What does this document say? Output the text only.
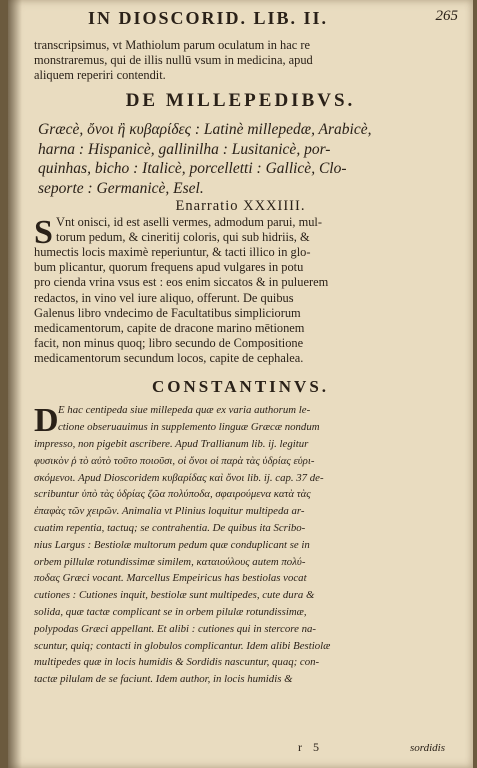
IN DIOSCORID. LIB. II.	265
transcripsimus, vt Mathiolum parum oculatum in hac re
monstraremus, qui de illis nullū vsum in medicina, apud
aliquem reperiri contendit.
DE MILLEPEDIBVS.
Græcè, ὄνοι ἢ κυβαρίδες : Latinè millepedæ, Arabicè,
harna : Hispanicè, gallinilha : Lusitanicè, por-
quinhas, bicho : Italicè, porcelletti : Gallicè, Clo-
seporte : Germanicè, Esel.
Enarratio XXXIIII.
S Vnt onisci, id est aselli vermes, admodum parui, mul-
torum pedum, & cineritij coloris, qui sub hidriis, &
humectis locis maximè reperiuntur, & tacti illico in glo-
bum plicantur, quorum frequens apud vulgares in potu
pro cienda vrina vsus est : eos enim siccatos & in puluerem
redactos, in vino vel iure aliquo, offerunt. De quibus
Galenus libro vndecimo de Facultatibus simpliciorum
medicamentorum, capite de dracone marino mētionem
facit, non minus quoq; libro secundo de Compositione
medicamentorum secundum locos, capite de cephalea.
CONSTANTINVS.
D E hac centipeda siue millepeda quæ ex varia authorum le-
ctione obseruauimus in supplemento linguæ Græcæ nondum
impresso, non pigebit ascribere. Apud Trallianum lib. ij. legitur
φυσικὸν ῥ τὸ αὐτὸ τοῦτο ποιοῦσι, οἱ ὄνοι οἱ παρὰ τὰς ὑδρίας εὑρι-
σκόμενοι. Apud Dioscoridem κυβαρίδας καὶ ὄνοι lib. ij. cap. 37 de-
scribuntur ὑπὸ τὰς ὑδρίας ζῶα πολύποδα, σφαιρούμενα κατὰ τὰς
ἐπαφὰς τῶν χειρῶν. Animalia vt Plinius loquitur multipeda ar-
cuatim repentia, tactuq; se contrahentia. De quibus ita Scribo-
nius Largus : Bestiolæ multorum pedum quæ conduplicant se in
orbem pillulæ rotundissimæ similem, καταιούλους autem πολύ-
ποδας Græci vocant. Marcellus Empeiricus has bestiolas vocat
cutiones : Cutiones inquit, bestiolæ sunt multipedes, cute dura &
solida, quæ tactæ complicant se in orbem pilulæ rotundissimæ,
polypodas Græci appellant. Et alibi : cutiones qui in stercore na-
scuntur, quiq; contacti in globulos complicantur. Idem alibi Bestiolæ
multipedes quæ in locis humidis & Sordidis nascuntur, quaq; con-
tactæ pilulam de se faciunt. Idem author, in locis humidis &
r 5	sordidis
